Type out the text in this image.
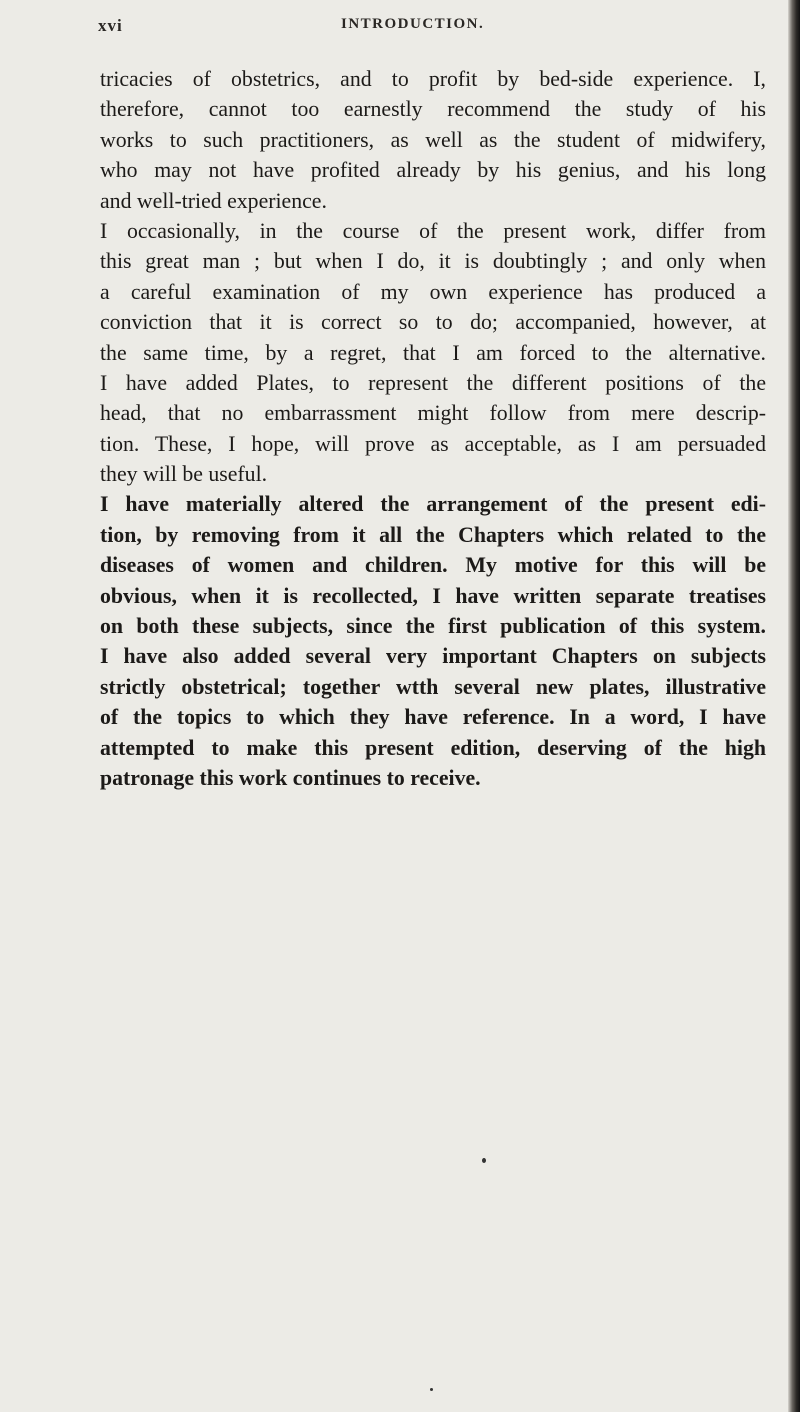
xvi	INTRODUCTION.
tricacies of obstetrics, and to profit by bed-side experience. I,
therefore, cannot too earnestly recommend the study of his
works to such practitioners, as well as the student of midwifery,
who may not have profited already by his genius, and his long
and well-tried experience.
I occasionally, in the course of the present work, differ from
this great man ; but when I do, it is doubtingly ; and only when
a careful examination of my own experience has produced a
conviction that it is correct so to do; accompanied, however, at
the same time, by a regret, that I am forced to the alternative.
I have added Plates, to represent the different positions of the
head, that no embarrassment might follow from mere descrip-
tion. These, I hope, will prove as acceptable, as I am persuaded
they will be useful.
I have materially altered the arrangement of the present edi-
tion, by removing from it all the Chapters which related to the
diseases of women and children. My motive for this will be
obvious, when it is recollected, I have written separate treatises
on both these subjects, since the first publication of this system.
I have also added several very important Chapters on subjects
strictly obstetrical; together wtth several new plates, illustrative
of the topics to which they have reference. In a word, I have
attempted to make this present edition, deserving of the high
patronage this work continues to receive.
